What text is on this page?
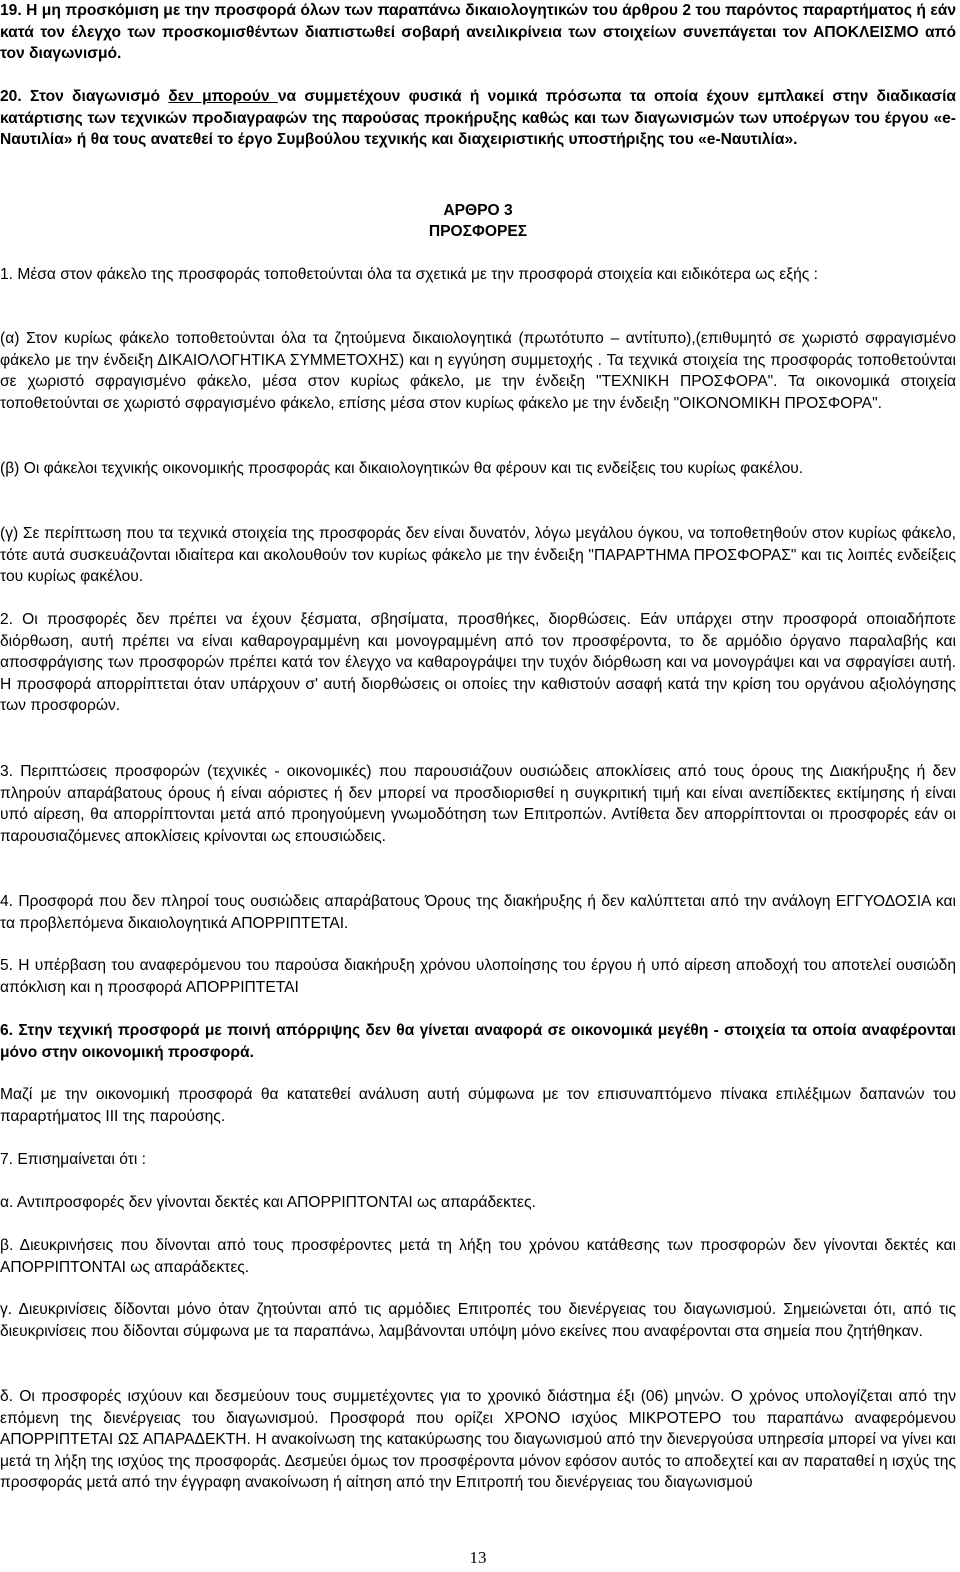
19. Η μη προσκόμιση με την προσφορά όλων των παραπάνω δικαιολογητικών του άρθρου 2 του παρόντος παραρτήματος ή εάν κατά τον έλεγχο των προσκομισθέντων διαπιστωθεί σοβαρή ανειλικρίνεια των στοιχείων συνεπάγεται τον ΑΠΟΚΛΕΙΣΜΟ από τον διαγωνισμό.

20. Στον διαγωνισμό δεν μπορούν να συμμετέχουν φυσικά ή νομικά πρόσωπα τα οποία έχουν εμπλακεί στην διαδικασία κατάρτισης των τεχνικών προδιαγραφών της παρούσας προκήρυξης καθώς και των διαγωνισμών των υποέργων του έργου «e-Ναυτιλία» ή θα τους ανατεθεί το έργο Συμβούλου τεχνικής και διαχειριστικής υποστήριξης του «e-Ναυτιλία».

ΑΡΘΡΟ 3
ΠΡΟΣΦΟΡΕΣ

1. Μέσα στον φάκελο της προσφοράς τοποθετούνται όλα τα σχετικά με την προσφορά στοιχεία και ειδικότερα ως εξής :

(α) Στον κυρίως φάκελο τοποθετούνται όλα τα ζητούμενα δικαιολογητικά (πρωτότυπο – αντίτυπο),(επιθυμητό σε χωριστό σφραγισμένο φάκελο με την ένδειξη ΔΙΚΑΙΟΛΟΓΗΤΙΚΑ ΣΥΜΜΕΤΟΧΗΣ) και η εγγύηση συμμετοχής . Τα τεχνικά στοιχεία της προσφοράς τοποθετούνται σε χωριστό σφραγισμένο φάκελο, μέσα στον κυρίως φάκελο, με την ένδειξη "ΤΕΧΝΙΚΗ ΠΡΟΣΦΟΡΑ". Τα οικονομικά στοιχεία τοποθετούνται σε χωριστό σφραγισμένο φάκελο, επίσης μέσα στον κυρίως φάκελο με την ένδειξη "ΟΙΚΟΝΟΜΙΚΗ ΠΡΟΣΦΟΡΑ".

(β) Οι φάκελοι τεχνικής οικονομικής προσφοράς και δικαιολογητικών θα φέρουν και τις ενδείξεις του κυρίως φακέλου.

(γ) Σε περίπτωση που τα τεχνικά στοιχεία της προσφοράς δεν είναι δυνατόν, λόγω μεγάλου όγκου, να τοποθετηθούν στον κυρίως φάκελο, τότε αυτά συσκευάζονται ιδιαίτερα και ακολουθούν τον κυρίως φάκελο με την ένδειξη "ΠΑΡΑΡΤΗΜΑ ΠΡΟΣΦΟΡΑΣ" και τις λοιπές ενδείξεις του κυρίως φακέλου.

2. Οι προσφορές δεν πρέπει να έχουν ξέσματα, σβησίματα, προσθήκες, διορθώσεις. Εάν υπάρχει στην προσφορά οποιαδήποτε διόρθωση, αυτή πρέπει να είναι καθαρογραμμένη και μονογραμμένη από τον προσφέροντα, το δε αρμόδιο όργανο παραλαβής και αποσφράγισης των προσφορών πρέπει κατά τον έλεγχο να καθαρογράψει την τυχόν διόρθωση και να μονογράψει και να σφραγίσει αυτή. Η προσφορά απορρίπτεται όταν υπάρχουν σ' αυτή διορθώσεις οι οποίες την καθιστούν ασαφή κατά την κρίση του οργάνου αξιολόγησης των προσφορών.

3. Περιπτώσεις προσφορών (τεχνικές - οικονομικές) που παρουσιάζουν ουσιώδεις αποκλίσεις από τους όρους της Διακήρυξης ή δεν πληρούν απαράβατους όρους ή είναι αόριστες ή δεν μπορεί να προσδιορισθεί η συγκριτική τιμή και είναι ανεπίδεκτες εκτίμησης ή είναι υπό αίρεση, θα απορρίπτονται μετά από προηγούμενη γνωμοδότηση των Επιτροπών. Αντίθετα δεν απορρίπτονται οι προσφορές εάν οι παρουσιαζόμενες αποκλίσεις κρίνονται ως επουσιώδεις.

4. Προσφορά που δεν πληροί τους ουσιώδεις απαράβατους Όρους της διακήρυξης ή δεν καλύπτεται από την ανάλογη ΕΓΓΥΟΔΟΣΙΑ και τα προβλεπόμενα δικαιολογητικά ΑΠΟΡΡΙΠΤΕΤΑΙ.

5. Η υπέρβαση του αναφερόμενου του παρούσα διακήρυξη χρόνου υλοποίησης του έργου ή υπό αίρεση αποδοχή του αποτελεί ουσιώδη απόκλιση και η προσφορά ΑΠΟΡΡΙΠΤΕΤΑΙ

6. Στην τεχνική προσφορά με ποινή απόρριψης δεν θα γίνεται αναφορά σε οικονομικά μεγέθη - στοιχεία τα οποία αναφέρονται μόνο στην οικονομική προσφορά.

Μαζί με την οικονομική προσφορά θα κατατεθεί ανάλυση αυτή σύμφωνα με τον επισυναπτόμενο πίνακα επιλέξιμων δαπανών του παραρτήματος ΙΙΙ της παρούσης.

7. Επισημαίνεται ότι :

α. Αντιπροσφορές δεν γίνονται δεκτές και ΑΠΟΡΡΙΠΤΟΝΤΑΙ ως απαράδεκτες.

β. Διευκρινήσεις που δίνονται από τους προσφέροντες μετά τη λήξη του χρόνου κατάθεσης των προσφορών δεν γίνονται δεκτές και ΑΠΟΡΡΙΠΤΟΝΤΑΙ ως απαράδεκτες.

γ. Διευκρινίσεις δίδονται μόνο όταν ζητούνται από τις αρμόδιες Επιτροπές του διενέργειας του διαγωνισμού. Σημειώνεται ότι, από τις διευκρινίσεις που δίδονται σύμφωνα με τα παραπάνω, λαμβάνονται υπόψη μόνο εκείνες που αναφέρονται στα σημεία που ζητήθηκαν.

δ. Οι προσφορές ισχύουν και δεσμεύουν τους συμμετέχοντες για το χρονικό διάστημα έξι (06) μηνών. Ο χρόνος υπολογίζεται από την επόμενη της διενέργειας του διαγωνισμού. Προσφορά που ορίζει ΧΡΟΝΟ ισχύος ΜΙΚΡΟΤΕΡΟ του παραπάνω αναφερόμενου ΑΠΟΡΡΙΠΤΕΤΑΙ ΩΣ ΑΠΑΡΑΔΕΚΤΗ. Η ανακοίνωση της κατακύρωσης του διαγωνισμού από την διενεργούσα υπηρεσία μπορεί να γίνει και μετά τη λήξη της ισχύος της προσφοράς. Δεσμεύει όμως τον προσφέροντα μόνον εφόσον αυτός το αποδεχτεί και αν παραταθεί η ισχύς της προσφοράς μετά από την έγγραφη ανακοίνωση ή αίτηση από την Επιτροπή του διενέργειας του διαγωνισμού

13
